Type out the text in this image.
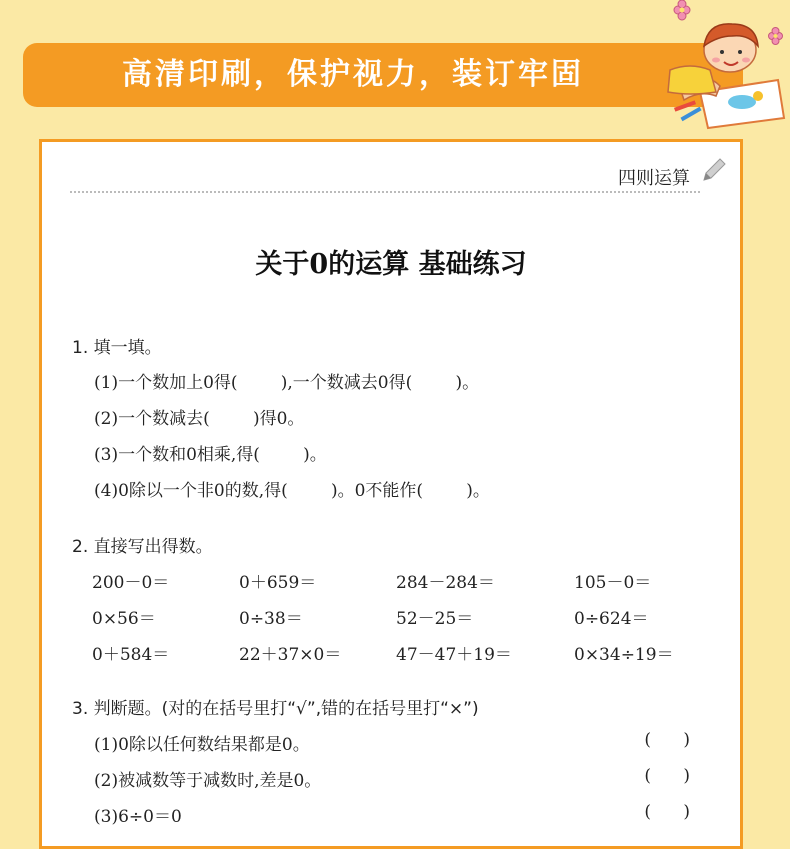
高清印刷，保护视力，装订牢固
四则运算
关于0的运算 基础练习
1. 填一填。
(1)一个数加上0得(        ),一个数减去0得(        )。
(2)一个数减去(        )得0。
(3)一个数和0相乘,得(        )。
(4)0除以一个非0的数,得(        )。0不能作(        )。
2. 直接写出得数。
200－0＝	0＋659＝	284－284＝	105－0＝
0×56＝	0÷38＝	52－25＝	0÷624＝
0＋584＝	22＋37×0＝	47－47＋19＝	0×34÷19＝
3. 判断题。(对的在括号里打“√”,错的在括号里打“×”)
(1)0除以任何数结果都是0。	(      )
(2)被减数等于减数时,差是0。	(      )
(3)6÷0＝0	(      )
